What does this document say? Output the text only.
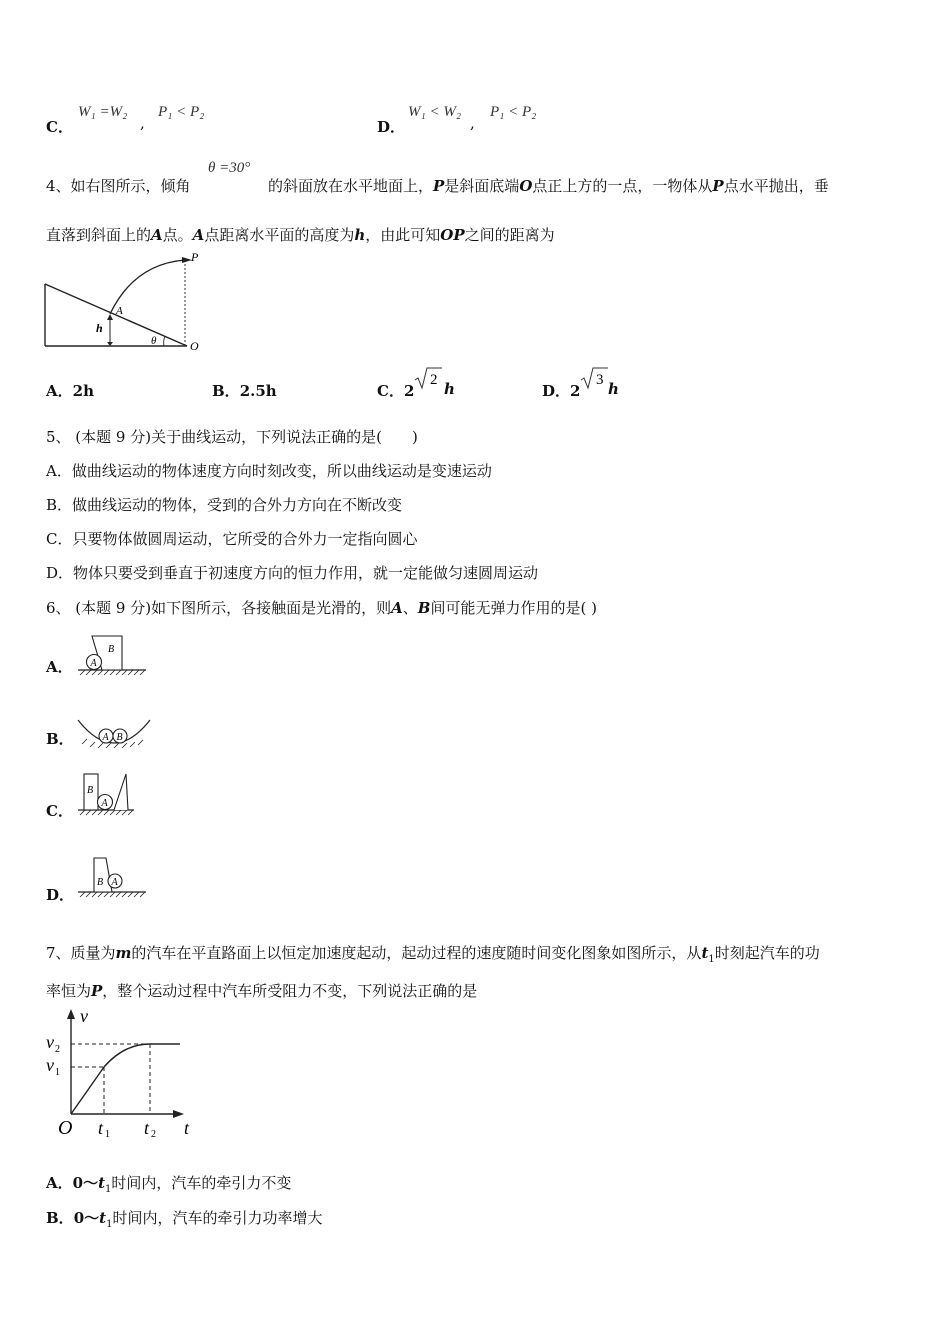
C．
W₁ =W₂
,
P₁ < P₂
D．
W₁ < W₂
,
P₁ < P₂
4、如右图所示，倾角
θ =30°
的斜面放在水平地面上，P是斜面底端O点正上方的一点，一物体从P点水平抛出，垂
直落到斜面上的A点。A点距离水平面的高度为h，由此可知OP之间的距离为
P
A
h
θ	O
A．2h	B．2.5h	C．2
2 h	D．2
3 h
5、 (本题 9 分)关于曲线运动，下列说法正确的是(　　)
A．做曲线运动的物体速度方向时刻改变，所以曲线运动是变速运动
B．做曲线运动的物体，受到的合外力方向在不断改变
C．只要物体做圆周运动，它所受的合外力一定指向圆心
D．物体只要受到垂直于初速度方向的恒力作用，就一定能做匀速圆周运动
6、 (本题 9 分)如下图所示，各接触面是光滑的，则A、B间可能无弹力作用的是( )
A． A
B
B．	A B
C．	A
B
D．
A
B
7、质量为m的汽车在平直路面上以恒定加速度起动，起动过程的速度随时间变化图象如图所示，从$t_1$时刻起汽车的功
率恒为P，整个运动过程中汽车所受阻力不变，下列说法正确的是
v
v 2
v 1
O t 1 t 2 t
A．$0\sim t_1$时间内，汽车的牵引力不变
B．$0\sim t_1$时间内，汽车的牵引力功率增大
